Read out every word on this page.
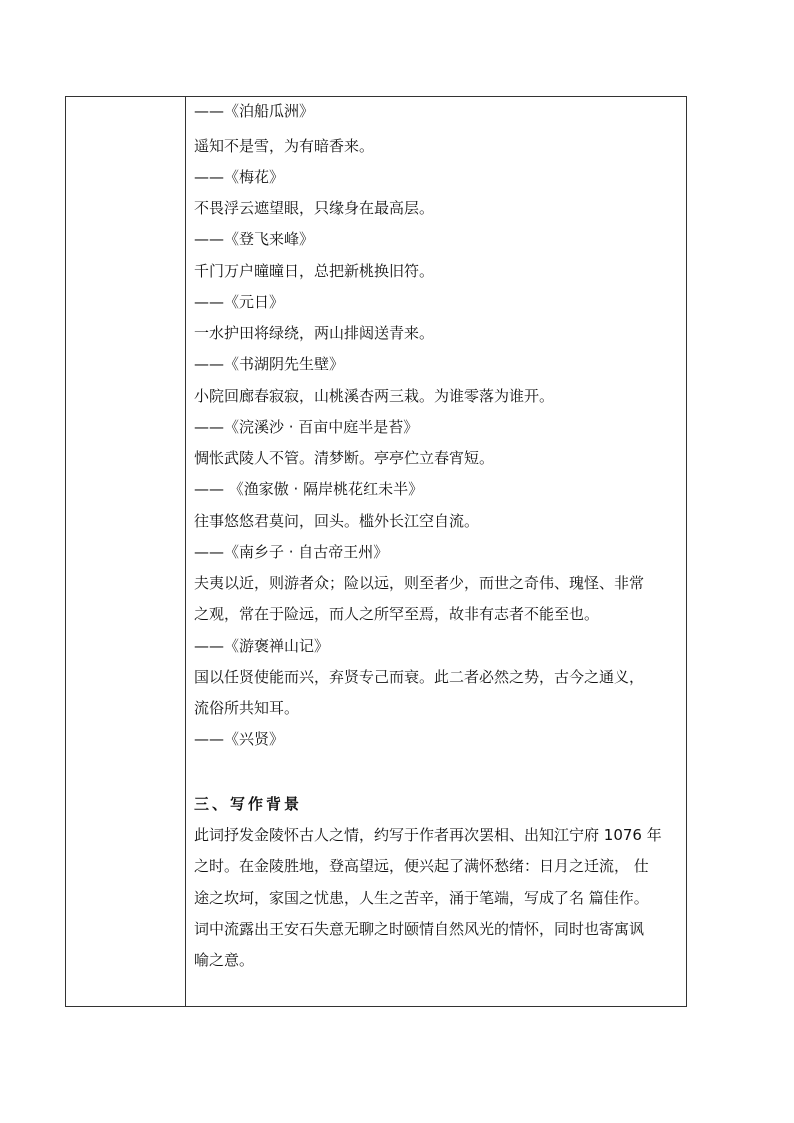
——《泊船瓜洲》
遥知不是雪，为有暗香来。
——《梅花》
不畏浮云遮望眼，只缘身在最高层。
——《登飞来峰》
千门万户曈曈日，总把新桃换旧符。
——《元日》
一水护田将绿绕，两山排闼送青来。
——《书湖阴先生壁》
小院回廊春寂寂，山桃溪杏两三栽。为谁零落为谁开。
——《浣溪沙 · 百亩中庭半是苔》
惆怅武陵人不管。清梦断。亭亭伫立春宵短。
—— 《渔家傲 · 隔岸桃花红未半》
往事悠悠君莫问，回头。槛外长江空自流。
——《南乡子 · 自古帝王州》
夫夷以近，则游者众；险以远，则至者少，而世之奇伟、瑰怪、非常
之观，常在于险远，而人之所罕至焉，故非有志者不能至也。
——《游褒禅山记》
国以任贤使能而兴，弃贤专己而衰。此二者必然之势，古今之通义，
流俗所共知耳。
——《兴贤》
三、写作背景
此词抒发金陵怀古人之情，约写于作者再次罢相、出知江宁府 1076 年
之时。在金陵胜地，登高望远，便兴起了满怀愁绪：日月之迁流， 仕
途之坎坷，家国之忧患，人生之苦辛，涌于笔端，写成了名 篇佳作。
词中流露出王安石失意无聊之时颐情自然风光的情怀，同时也寄寓讽
喻之意。
